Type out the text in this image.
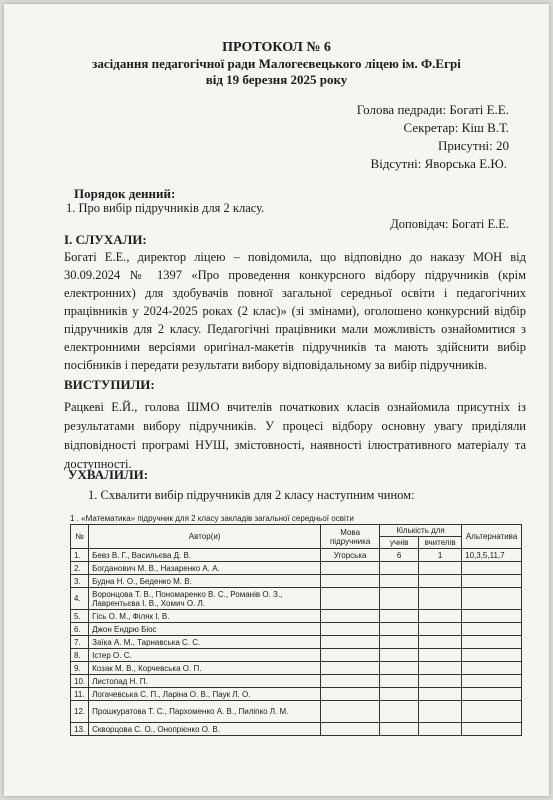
ПРОТОКОЛ № 6
засідання педагогічної ради Малогеєвецького ліцею ім. Ф.Егрі
від 19 березня 2025 року
Голова педради: Богаті Е.Е.
Секретар: Кіш В.Т.
Присутні: 20
Відсутні: Яворська Е.Ю.
Порядок денний:
1. Про вибір підручників для 2 класу.
Доповідач: Богаті Е.Е.
І. СЛУХАЛИ:
Богаті Е.Е., директор ліцею – повідомила, що відповідно до наказу МОН від 30.09.2024 № 1397 «Про проведення конкурсного відбору підручників (крім електронних) для здобувачів повної загальної середньої освіти і педагогічних працівників у 2024-2025 роках (2 клас)» (зі змінами), оголошено конкурсний відбір підручників для 2 класу. Педагогічні працівники мали можливість ознайомитися з електронними версіями оригінал-макетів підручників та мають здійснити вибір посібників і передати результати вибору відповідальному за вибір підручників.
ВИСТУПИЛИ:
Рацкеві Е.Й., голова ШМО вчителів початкових класів ознайомила присутніх із результатами вибору підручників. У процесі відбору основну увагу приділяли відповідності програмі НУШ, змістовності, наявності ілюстративного матеріалу та доступності.
УХВАЛИЛИ:
1. Схвалити вибір підручників для 2 класу наступним чином:
1 . «Математика» підручник для 2 класу закладів загальної середньої освіти
№	Автор(и)	Мова підручника	Кількість для		Альтернатива
			учнів	вчителів	
1.	Бевз В. Г., Васильєва Д. В.	Угорська	6	1	10,3,5,11,7
2.	Богданович М. В., Назаренко А. А.				
3.	Будна Н. О., Беденко М. В.				
4.	Воронцова Т. В., Пономаренко В. С., Романів О. З., Лавpентьєва І. В., Хомич О. Л.				
5.	Гісь О. М., Філяк І. В.				
6.	Джон Ендрю Біос				
7.	Заїка А. М., Тарнавська С. С.				
8.	Істер О. С.				
9.	Козак М. В., Корчевська О. П.				
10.	Листопад Н. П.				
11.	Логачевська С. П., Ларіна О. В., Паук Л. О.				
12.	Прошкуратова Т. С., Пархоменко А. В., Пиліпко Л. М.				
13.	Скворцова С. О., Онопрієнко О. В.				
